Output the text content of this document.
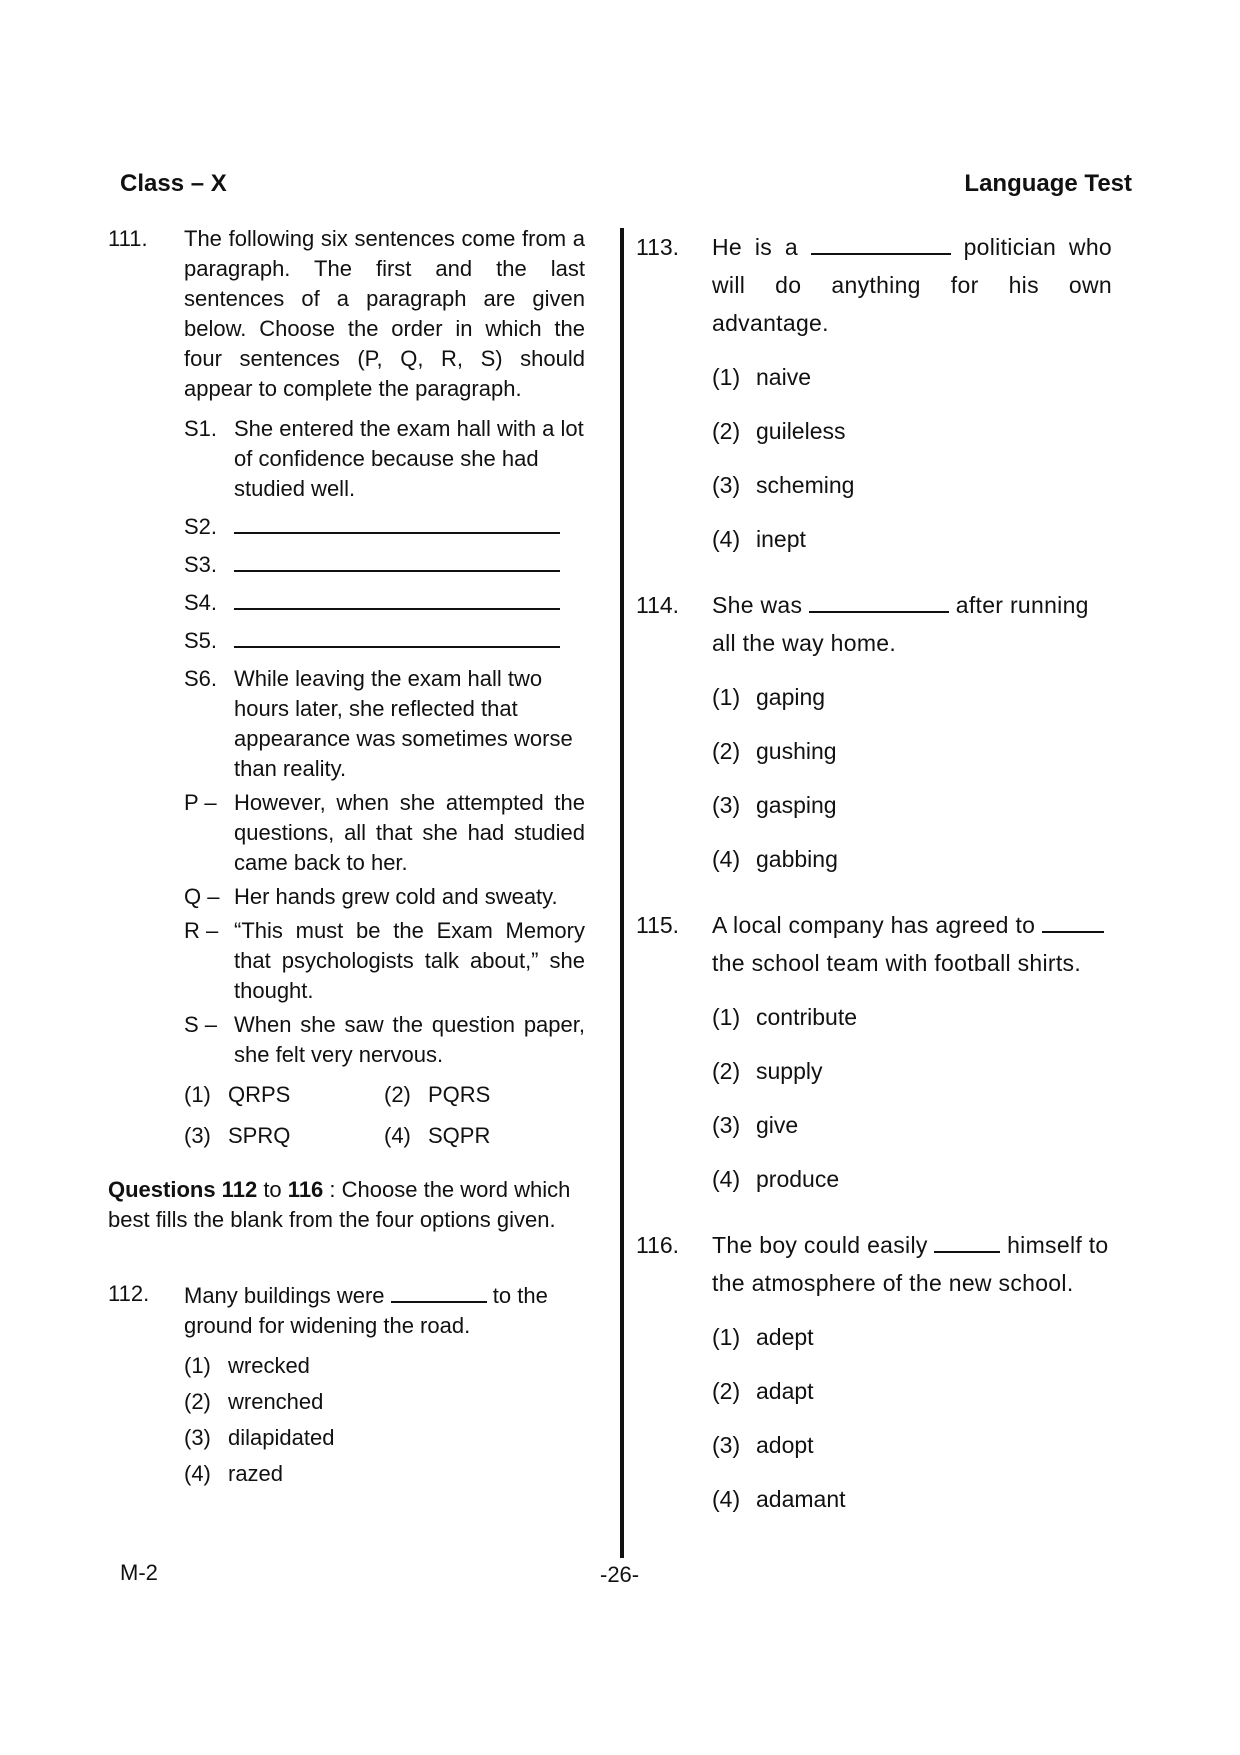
Class – X	Language Test
111. The following six sentences come from a paragraph. The first and the last sentences of a paragraph are given below. Choose the order in which the four sentences (P, Q, R, S) should appear to complete the paragraph.
S1. She entered the exam hall with a lot of confidence because she had studied well.
S2.
S3.
S4.
S5.
S6. While leaving the exam hall two hours later, she reflected that appearance was sometimes worse than reality.
P – However, when she attempted the questions, all that she had studied came back to her.
Q – Her hands grew cold and sweaty.
R – “This must be the Exam Memory that psychologists talk about,” she thought.
S – When she saw the question paper, she felt very nervous.
(1) QRPS	(2) PQRS
(3) SPRQ	(4) SQPR
Questions 112 to 116 : Choose the word which best fills the blank from the four options given.
112. Many buildings were	to the ground for widening the road.
(1) wrecked
(2) wrenched
(3) dilapidated
(4) razed
113. He is a	politician who will do anything for his own advantage.
(1) naive
(2) guileless
(3) scheming
(4) inept
114. She was	after running all the way home.
(1) gaping
(2) gushing
(3) gasping
(4) gabbing
115. A local company has agreed to  the school team with football shirts.
(1) contribute
(2) supply
(3) give
(4) produce
116. The boy could easily	himself to the atmosphere of the new school.
(1) adept
(2) adapt
(3) adopt
(4) adamant
M-2	-26-
